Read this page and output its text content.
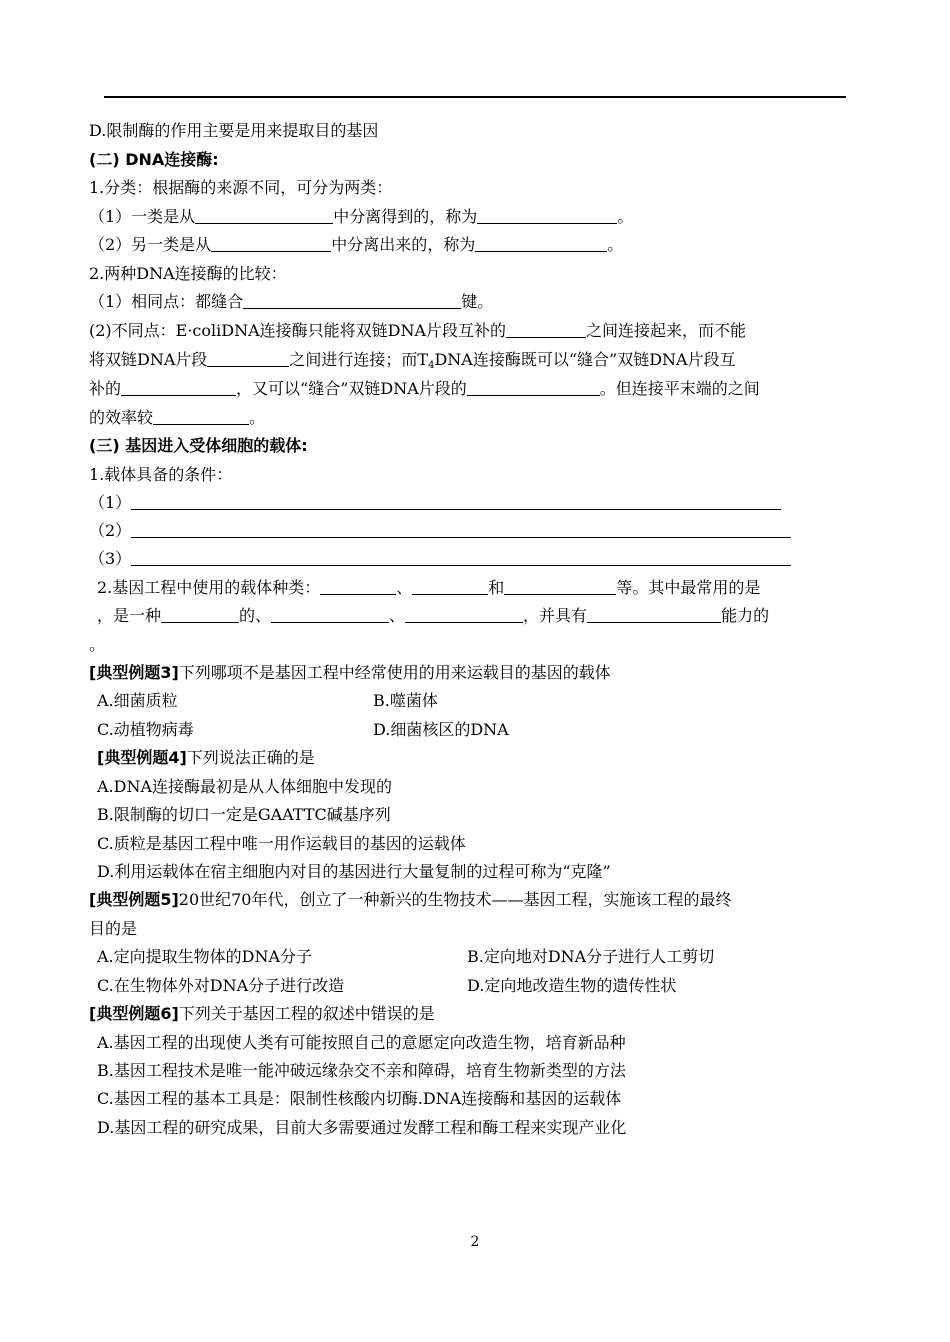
D.限制酶的作用主要是用来提取目的基因
(二) DNA连接酶:
1.分类：根据酶的来源不同，可分为两类：
（1）一类是从	中分离得到的，称为	。
（2）另一类是从	中分离出来的，称为	。
2.两种DNA连接酶的比较：
（1）相同点：都缝合	键。
(2)不同点：E·coliDNA连接酶只能将双链DNA片段互补的	之间连接起来，而不能
将双链DNA片段	之间进行连接；而$T_4DNA$连接酶既可以“缝合”双链DNA片段互
补的	，又可以“缝合”双链DNA片段的	。但连接平末端的之间
的效率较	。
(三) 基因进入受体细胞的载体:
1.载体具备的条件：
（1）
（2）
（3）
2.基因工程中使用的载体种类：	、	和	等。其中最常用的是
，是一种	的、	、	，并具有	能力的
。
[典型例题3]下列哪项不是基因工程中经常使用的用来运载目的基因的载体
A.细菌质粒	B.噬菌体
C.动植物病毒	D.细菌核区的DNA
[典型例题4]下列说法正确的是
A.DNA连接酶最初是从人体细胞中发现的
B.限制酶的切口一定是GAATTC碱基序列
C.质粒是基因工程中唯一用作运载目的基因的运载体
D.利用运载体在宿主细胞内对目的基因进行大量复制的过程可称为“克隆”
[典型例题5]20世纪70年代，创立了一种新兴的生物技术——基因工程，实施该工程的最终
目的是
A.定向提取生物体的DNA分子	B.定向地对DNA分子进行人工剪切
C.在生物体外对DNA分子进行改造	D.定向地改造生物的遗传性状
[典型例题6]下列关于基因工程的叙述中错误的是
A.基因工程的出现使人类有可能按照自己的意愿定向改造生物，培育新品种
B.基因工程技术是唯一能冲破远缘杂交不亲和障碍，培育生物新类型的方法
C.基因工程的基本工具是：限制性核酸内切酶.DNA连接酶和基因的运载体
D.基因工程的研究成果，目前大多需要通过发酵工程和酶工程来实现产业化
2
